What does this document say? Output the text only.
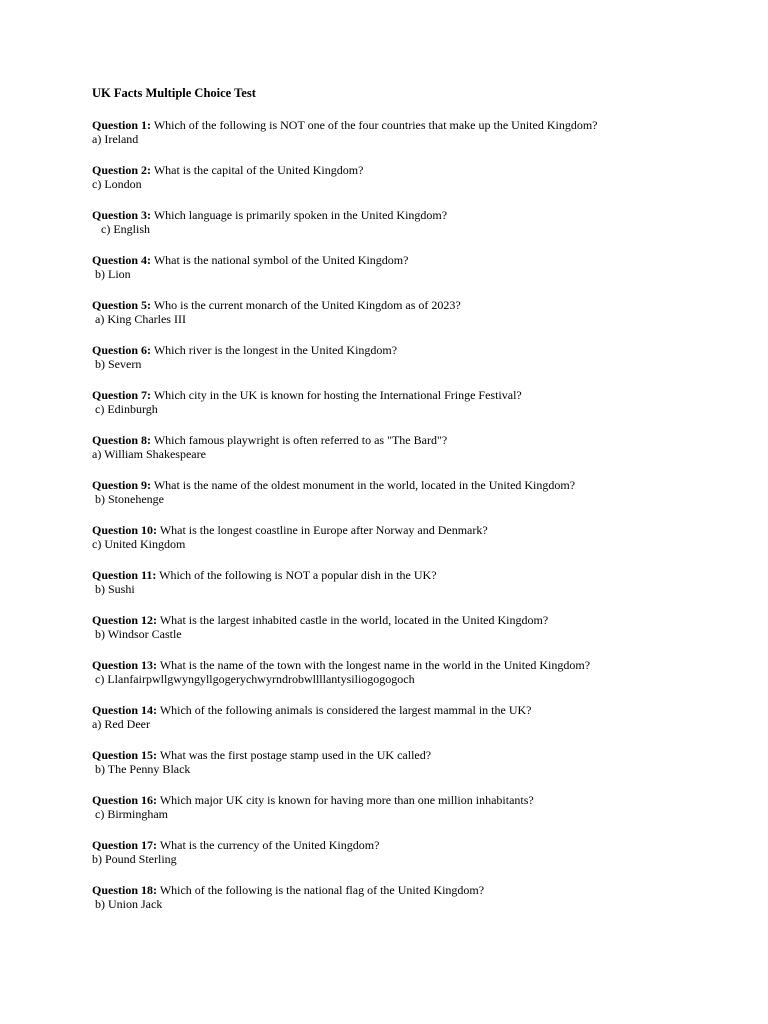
UK Facts Multiple Choice Test
Question 1: Which of the following is NOT one of the four countries that make up the United Kingdom?
a) Ireland
Question 2: What is the capital of the United Kingdom?
c) London
Question 3: Which language is primarily spoken in the United Kingdom?
c) English
Question 4: What is the national symbol of the United Kingdom?
b) Lion
Question 5: Who is the current monarch of the United Kingdom as of 2023?
a) King Charles III
Question 6: Which river is the longest in the United Kingdom?
b) Severn
Question 7: Which city in the UK is known for hosting the International Fringe Festival?
c) Edinburgh
Question 8: Which famous playwright is often referred to as "The Bard"?
a) William Shakespeare
Question 9: What is the name of the oldest monument in the world, located in the United Kingdom?
b) Stonehenge
Question 10: What is the longest coastline in Europe after Norway and Denmark?
c) United Kingdom
Question 11: Which of the following is NOT a popular dish in the UK?
b) Sushi
Question 12: What is the largest inhabited castle in the world, located in the United Kingdom?
b) Windsor Castle
Question 13: What is the name of the town with the longest name in the world in the United Kingdom?
c) Llanfairpwllgwyngyllgogerychwyrndrobwllllantysiliogogogoch
Question 14: Which of the following animals is considered the largest mammal in the UK?
a) Red Deer
Question 15: What was the first postage stamp used in the UK called?
b) The Penny Black
Question 16: Which major UK city is known for having more than one million inhabitants?
c) Birmingham
Question 17: What is the currency of the United Kingdom?
b) Pound Sterling
Question 18: Which of the following is the national flag of the United Kingdom?
b) Union Jack
